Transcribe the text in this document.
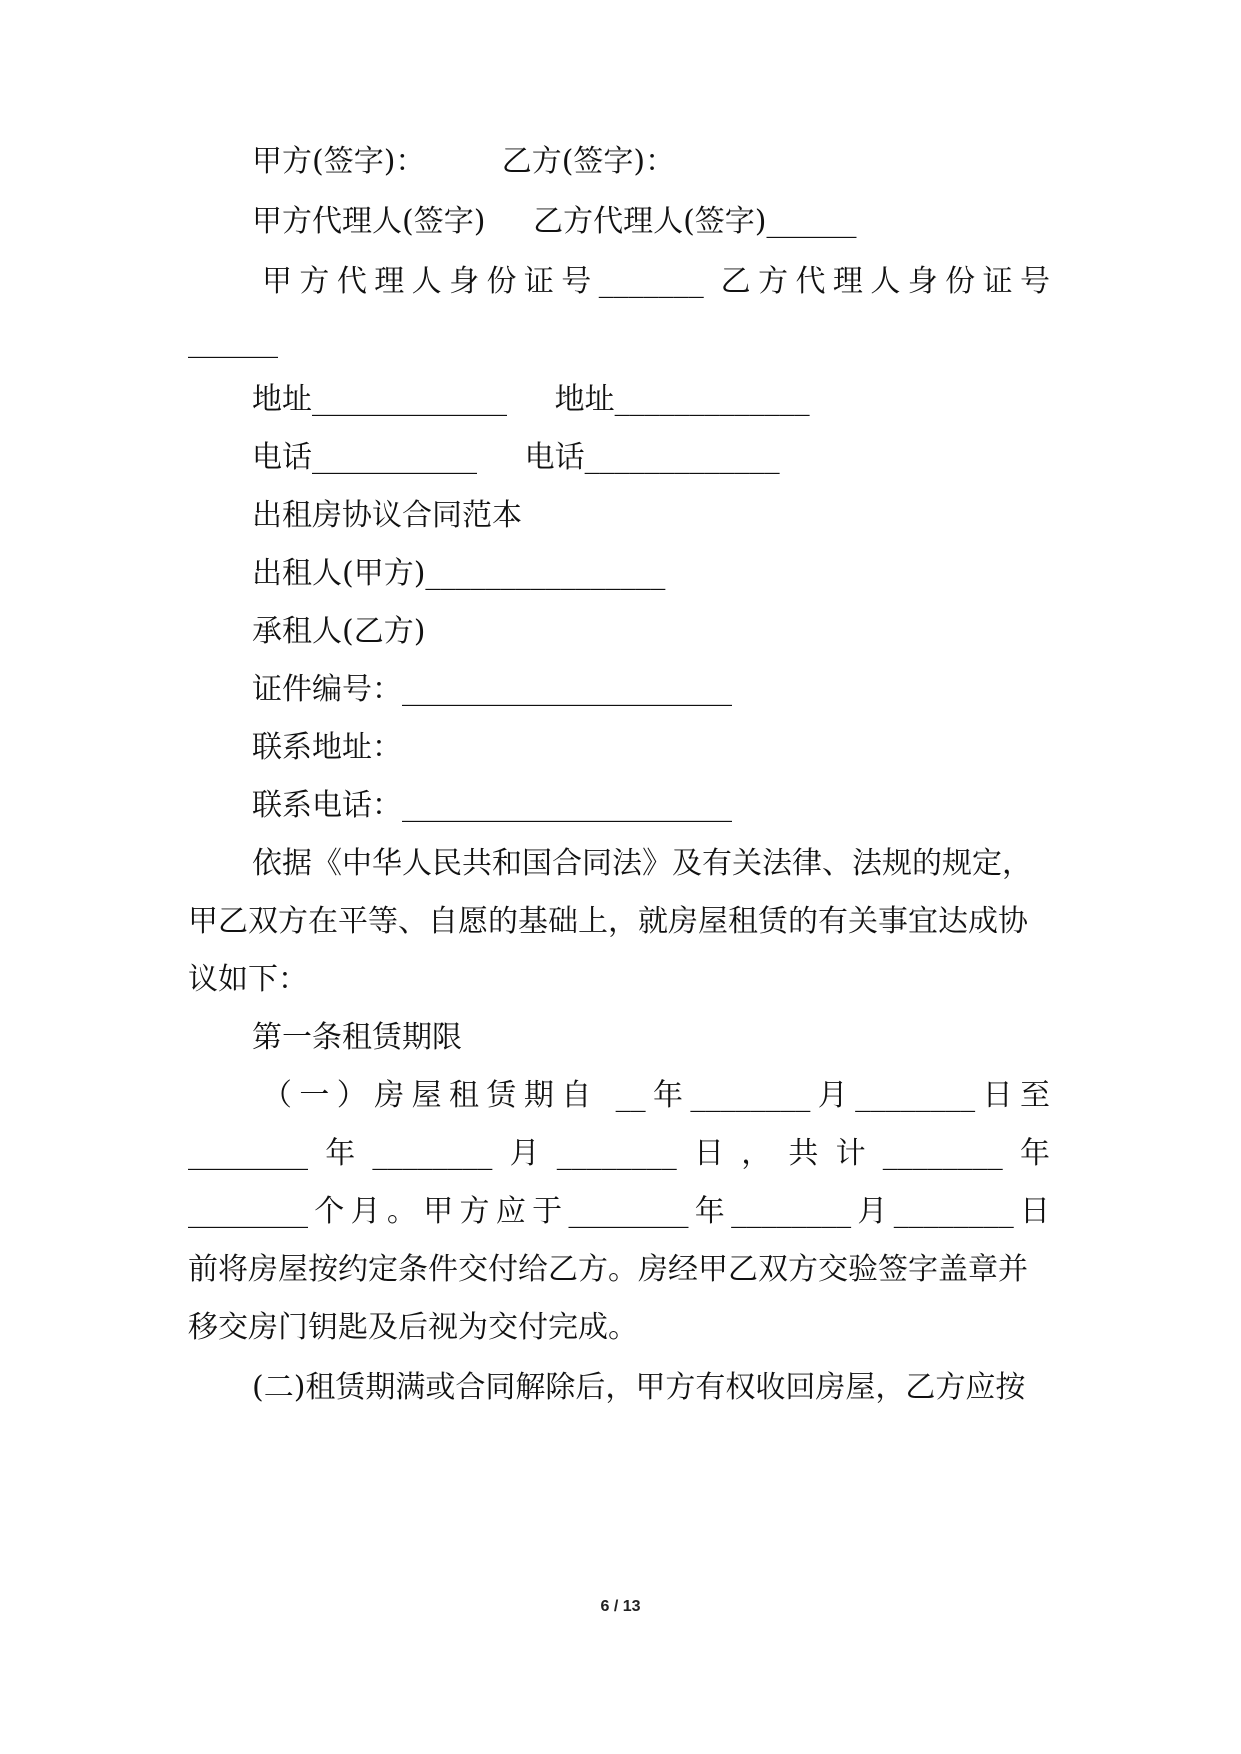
甲方(签字)：        乙方(签字)：
甲方代理人(签字)     乙方代理人(签字)______
甲方代理人身份证号_______ 乙方代理人身份证号
______
地址_____________     地址_____________
电话___________     电话_____________
出租房协议合同范本
出租人(甲方)________________
承租人(乙方)
证件编号：______________________
联系地址：
联系电话：______________________
依据《中华人民共和国合同法》及有关法律、法规的规定，
甲乙双方在平等、自愿的基础上，就房屋租赁的有关事宜达成协
议如下：
第一条租赁期限
（一）房屋租赁期自 __年________月________日至
________年________月________日，共计________年
________个月。甲方应于________年________月________日
前将房屋按约定条件交付给乙方。房经甲乙双方交验签字盖章并
移交房门钥匙及后视为交付完成。
(二)租赁期满或合同解除后，甲方有权收回房屋，乙方应按
6 / 13
